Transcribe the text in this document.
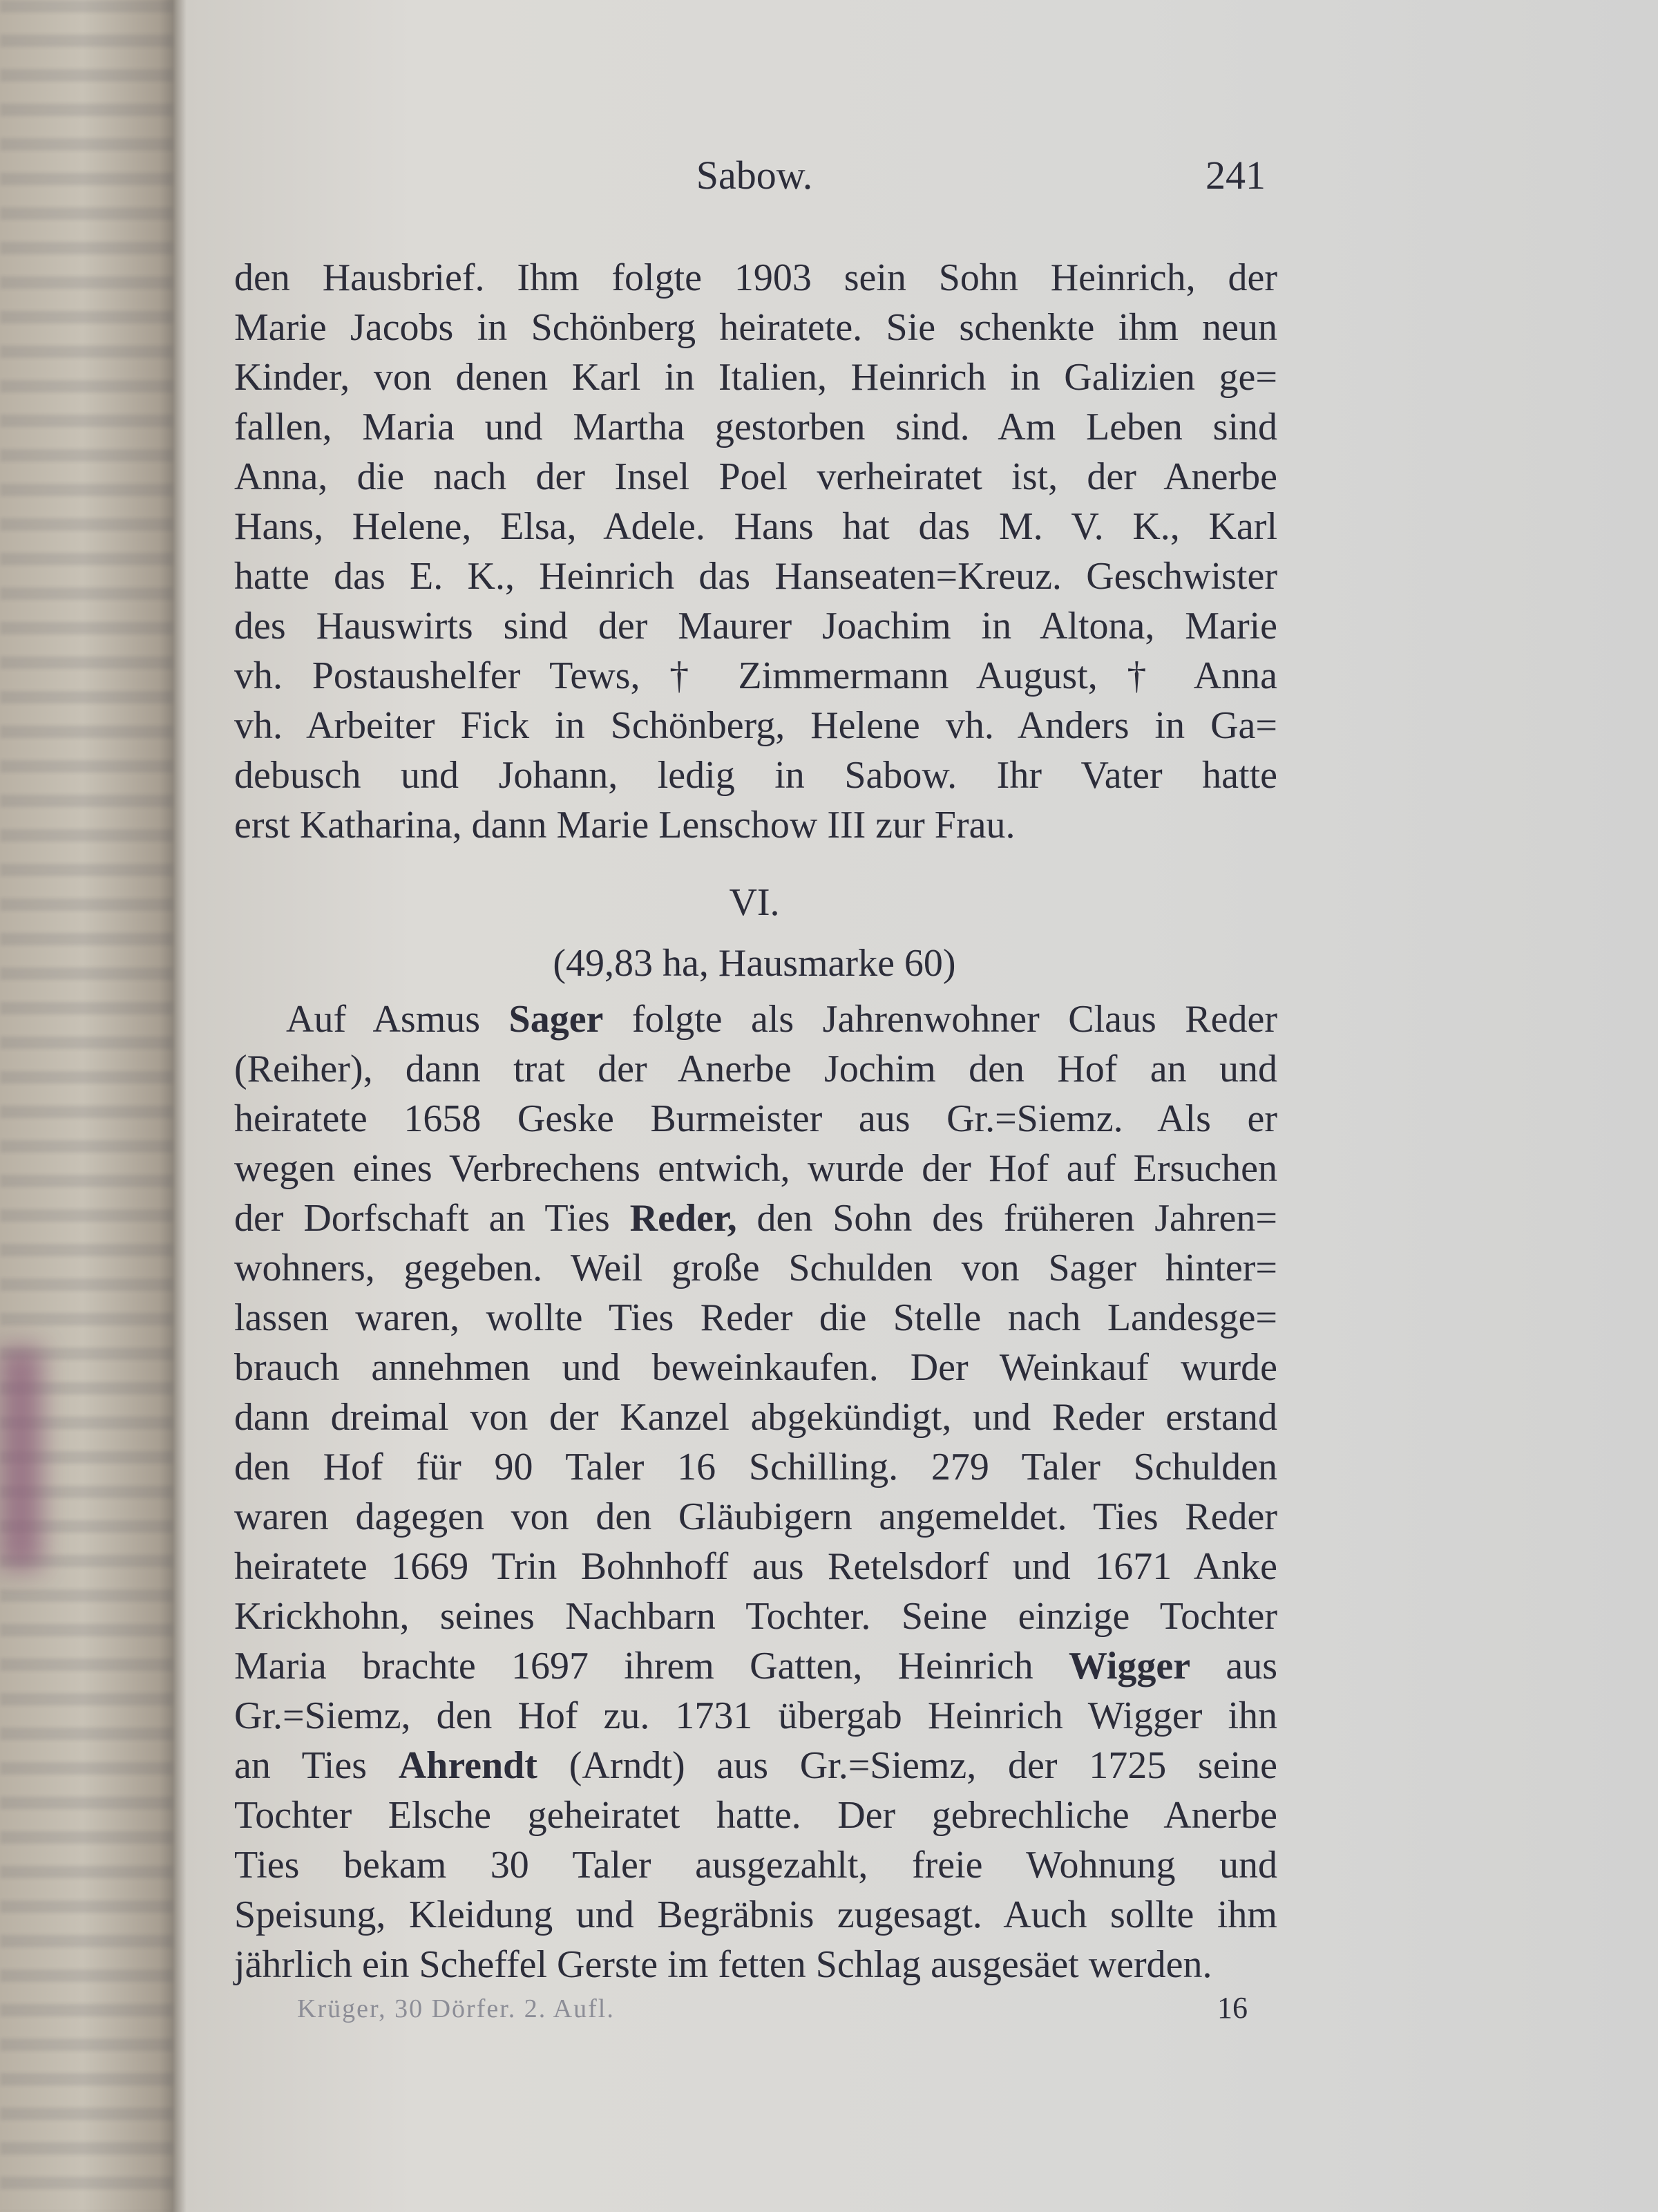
Sabow.	241
den Hausbrief. Ihm folgte 1903 sein Sohn Heinrich, der
Marie Jacobs in Schönberg heiratete. Sie schenkte ihm neun
Kinder, von denen Karl in Italien, Heinrich in Galizien ge=
fallen, Maria und Martha gestorben sind. Am Leben sind
Anna, die nach der Insel Poel verheiratet ist, der Anerbe
Hans, Helene, Elsa, Adele. Hans hat das M. V. K., Karl
hatte das E. K., Heinrich das Hanseaten=Kreuz. Geschwister
des Hauswirts sind der Maurer Joachim in Altona, Marie
vh. Postaushelfer Tews, † Zimmermann August, † Anna
vh. Arbeiter Fick in Schönberg, Helene vh. Anders in Ga=
debusch und Johann, ledig in Sabow. Ihr Vater hatte
erst Katharina, dann Marie Lenschow III zur Frau.
VI.
(49,83 ha, Hausmarke 60)
Auf Asmus Sager folgte als Jahrenwohner Claus Reder
(Reiher), dann trat der Anerbe Jochim den Hof an und
heiratete 1658 Geske Burmeister aus Gr.=Siemz. Als er
wegen eines Verbrechens entwich, wurde der Hof auf Ersuchen
der Dorfschaft an Ties Reder, den Sohn des früheren Jahren=
wohners, gegeben. Weil große Schulden von Sager hinter=
lassen waren, wollte Ties Reder die Stelle nach Landesge=
brauch annehmen und beweinkaufen. Der Weinkauf wurde
dann dreimal von der Kanzel abgekündigt, und Reder erstand
den Hof für 90 Taler 16 Schilling. 279 Taler Schulden
waren dagegen von den Gläubigern angemeldet. Ties Reder
heiratete 1669 Trin Bohnhoff aus Retelsdorf und 1671 Anke
Krickhohn, seines Nachbarn Tochter. Seine einzige Tochter
Maria brachte 1697 ihrem Gatten, Heinrich Wigger aus
Gr.=Siemz, den Hof zu. 1731 übergab Heinrich Wigger ihn
an Ties Ahrendt (Arndt) aus Gr.=Siemz, der 1725 seine
Tochter Elsche geheiratet hatte. Der gebrechliche Anerbe
Ties bekam 30 Taler ausgezahlt, freie Wohnung und
Speisung, Kleidung und Begräbnis zugesagt. Auch sollte ihm
jährlich ein Scheffel Gerste im fetten Schlag ausgesäet werden.
Krüger, 30 Dörfer. 2. Aufl.	16
